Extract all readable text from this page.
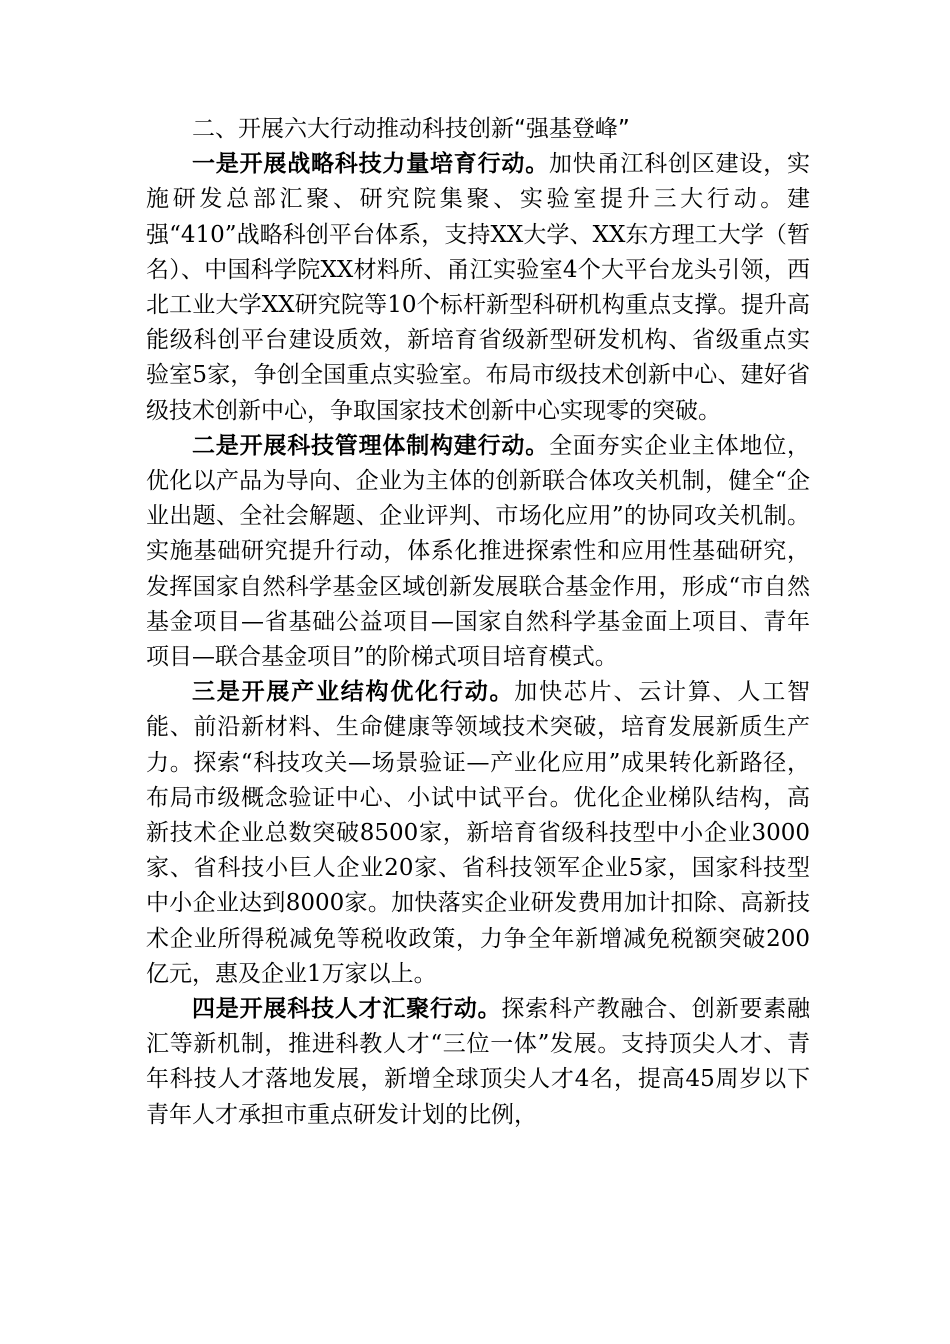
二、开展六大行动推动科技创新“强基登峰”

一是开展战略科技力量培育行动。加快甬江科创区建设，实施研发总部汇聚、研究院集聚、实验室提升三大行动。建强“410”战略科创平台体系，支持XX大学、XX东方理工大学（暂名）、中国科学院XX材料所、甬江实验室4个大平台龙头引领，西北工业大学XX研究院等10个标杆新型科研机构重点支撑。提升高能级科创平台建设质效，新培育省级新型研发机构、省级重点实验室5家，争创全国重点实验室。布局市级技术创新中心、建好省级技术创新中心，争取国家技术创新中心实现零的突破。

二是开展科技管理体制构建行动。全面夯实企业主体地位，优化以产品为导向、企业为主体的创新联合体攻关机制，健全“企业出题、全社会解题、企业评判、市场化应用”的协同攻关机制。实施基础研究提升行动，体系化推进探索性和应用性基础研究，发挥国家自然科学基金区域创新发展联合基金作用，形成“市自然基金项目—省基础公益项目—国家自然科学基金面上项目、青年项目—联合基金项目”的阶梯式项目培育模式。

三是开展产业结构优化行动。加快芯片、云计算、人工智能、前沿新材料、生命健康等领域技术突破，培育发展新质生产力。探索“科技攻关—场景验证—产业化应用”成果转化新路径，布局市级概念验证中心、小试中试平台。优化企业梯队结构，高新技术企业总数突破8500家，新培育省级科技型中小企业3000家、省科技小巨人企业20家、省科技领军企业5家，国家科技型中小企业达到8000家。加快落实企业研发费用加计扣除、高新技术企业所得税减免等税收政策，力争全年新增减免税额突破200亿元，惠及企业1万家以上。

四是开展科技人才汇聚行动。探索科产教融合、创新要素融汇等新机制，推进科教人才“三位一体”发展。支持顶尖人才、青年科技人才落地发展，新增全球顶尖人才4名，提高45周岁以下青年人才承担市重点研发计划的比例，
